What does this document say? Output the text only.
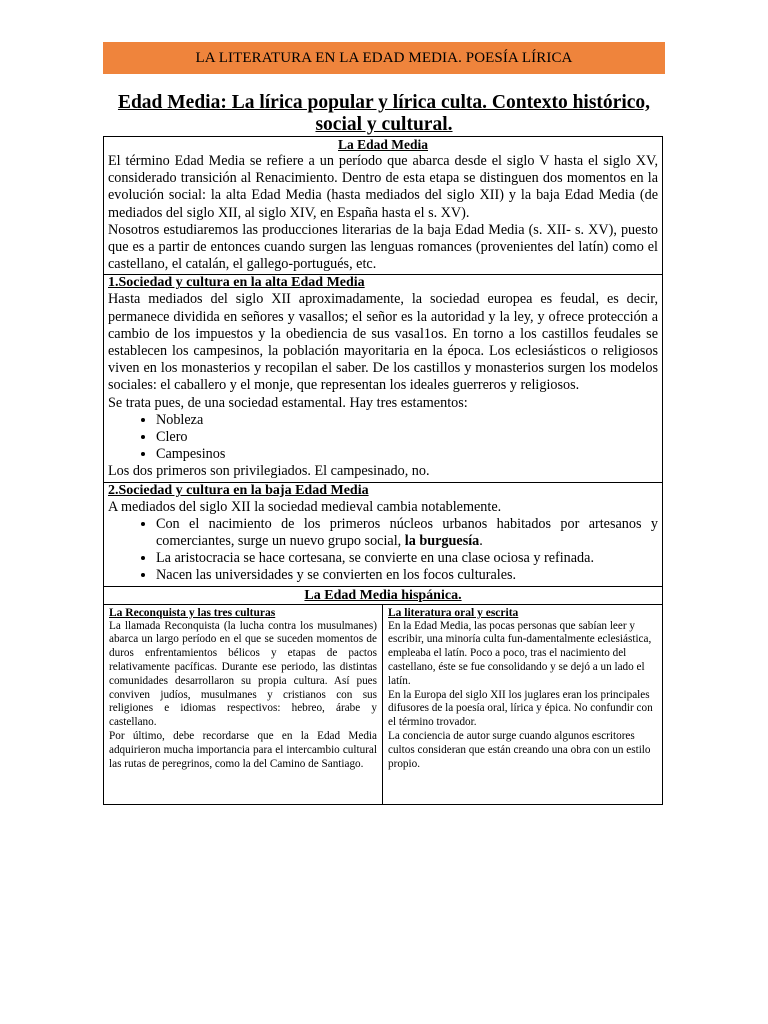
LA LITERATURA EN LA EDAD MEDIA. POESÍA LÍRICA
Edad Media: La lírica popular y lírica culta. Contexto histórico, social y cultural.
La Edad Media

El término Edad Media se refiere a un período que abarca desde el siglo V hasta el siglo XV, considerado transición al Renacimiento. Dentro de esta etapa se distinguen dos momentos en la evolución social: la alta Edad Media (hasta mediados del siglo XII) y la baja Edad Media (de mediados del siglo XII, al siglo XIV, en España hasta el s. XV).

Nosotros estudiaremos las producciones literarias de la baja Edad Media (s. XII- s. XV), puesto que es a partir de entonces cuando surgen las lenguas romances (provenientes del latín) como el castellano, el catalán, el gallego-portugués, etc.

1.Sociedad y cultura en la alta Edad Media

Hasta mediados del siglo XII aproximadamente, la sociedad europea es feudal, es decir, permanece dividida en señores y vasallos; el señor es la autoridad y la ley, y ofrece protección a cambio de los impuestos y la obediencia de sus vasal1os. En torno a los castillos feudales se establecen los campesinos, la población mayoritaria en la época. Los eclesiásticos o religiosos viven en los monasterios y recopilan el saber. De los castillos y monasterios surgen los modelos sociales: el caballero y el monje, que representan los ideales guerreros y religiosos.

Se trata pues, de una sociedad estamental. Hay tres estamentos:

• Nobleza
• Clero
• Campesinos

Los dos primeros son privilegiados. El campesinado, no.

2.Sociedad y cultura en la baja Edad Media

A mediados del siglo XII la sociedad medieval cambia notablemente.

• Con el nacimiento de los primeros núcleos urbanos habitados por artesanos y comerciantes, surge un nuevo grupo social, la burguesía.
• La aristocracia se hace cortesana, se convierte en una clase ociosa y refinada.
• Nacen las universidades y se convierten en los focos culturales.
La Edad Media hispánica.
La Reconquista y las tres culturas

La llamada Reconquista (la lucha contra los musulmanes) abarca un largo período en el que se suceden momentos de duros enfrentamientos bélicos y etapas de pactos relativamente pacíficas. Durante ese periodo, las distintas comunidades desarrollaron su propia cultura. Así pues conviven judíos, musulmanes y cristianos con sus religiones e idiomas respectivos: hebreo, árabe y castellano.

Por último, debe recordarse que en la Edad Media adquirieron mucha importancia para el intercambio cultural las rutas de peregrinos, como la del Camino de Santiago.

La literatura oral y escrita

En la Edad Media, las pocas personas que sabían leer y escribir, una minoría culta fun-damentalmente eclesiástica, empleaba el latín. Poco a poco, tras el nacimiento del castellano, éste se fue consolidando y se dejó a un lado el latín.

En la Europa del siglo XII los juglares eran los principales difusores de la poesía oral, lírica y épica. No confundir con el término trovador.

La conciencia de autor surge cuando algunos escritores cultos consideran que están creando una obra con un estilo propio.
